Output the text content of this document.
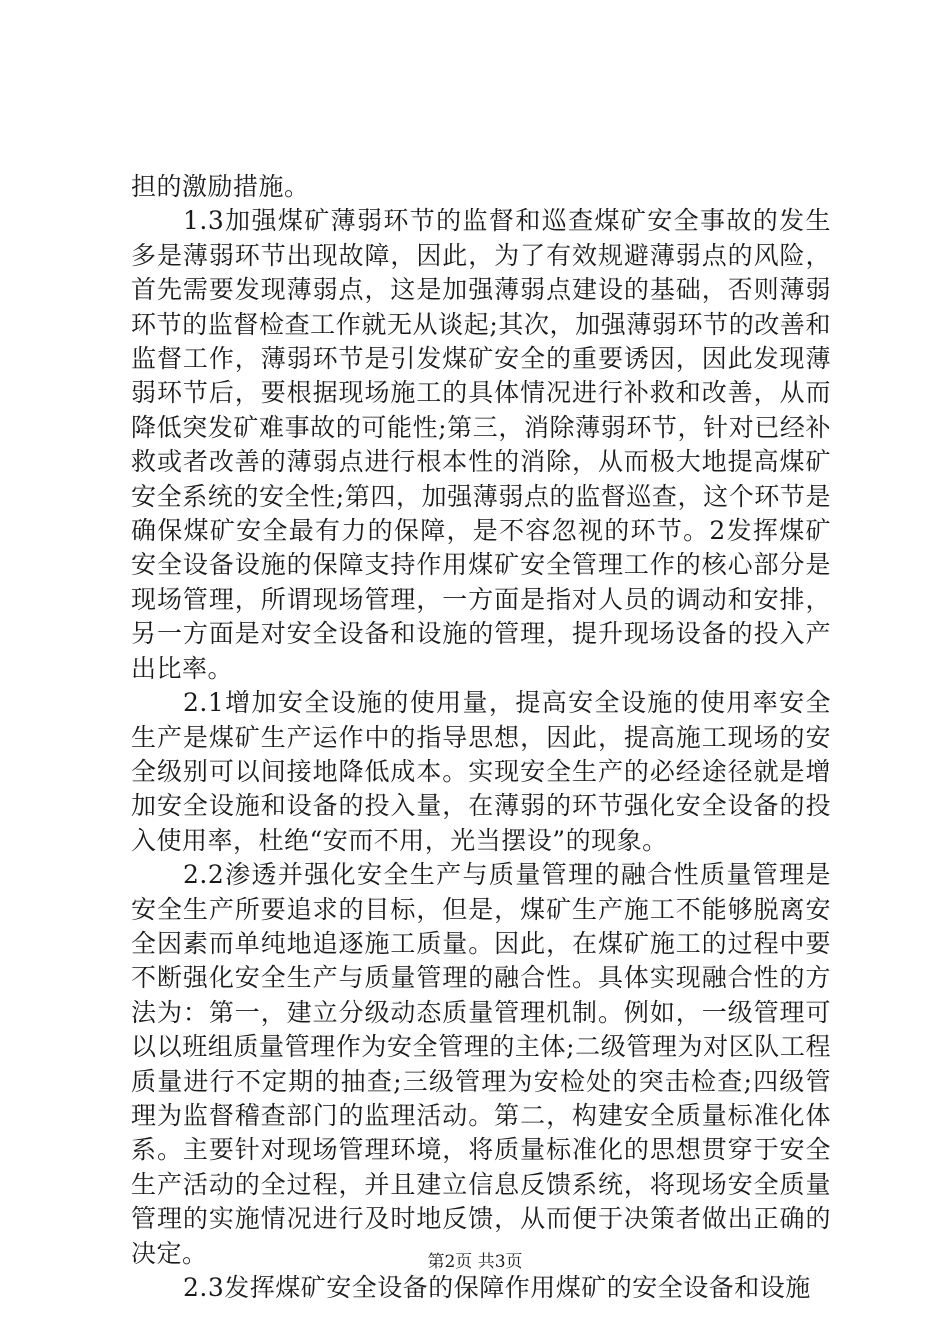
担的激励措施。

1.3加强煤矿薄弱环节的监督和巡查煤矿安全事故的发生多是薄弱环节出现故障，因此，为了有效规避薄弱点的风险，首先需要发现薄弱点，这是加强薄弱点建设的基础，否则薄弱环节的监督检查工作就无从谈起;其次，加强薄弱环节的改善和监督工作，薄弱环节是引发煤矿安全的重要诱因，因此发现薄弱环节后，要根据现场施工的具体情况进行补救和改善，从而降低突发矿难事故的可能性;第三，消除薄弱环节，针对已经补救或者改善的薄弱点进行根本性的消除，从而极大地提高煤矿安全系统的安全性;第四，加强薄弱点的监督巡查，这个环节是确保煤矿安全最有力的保障，是不容忽视的环节。2发挥煤矿安全设备设施的保障支持作用煤矿安全管理工作的核心部分是现场管理，所谓现场管理，一方面是指对人员的调动和安排，另一方面是对安全设备和设施的管理，提升现场设备的投入产出比率。

2.1增加安全设施的使用量，提高安全设施的使用率安全生产是煤矿生产运作中的指导思想，因此，提高施工现场的安全级别可以间接地降低成本。实现安全生产的必经途径就是增加安全设施和设备的投入量，在薄弱的环节强化安全设备的投入使用率，杜绝“安而不用，光当摆设”的现象。

2.2渗透并强化安全生产与质量管理的融合性质量管理是安全生产所要追求的目标，但是，煤矿生产施工不能够脱离安全因素而单纯地追逐施工质量。因此，在煤矿施工的过程中要不断强化安全生产与质量管理的融合性。具体实现融合性的方法为：第一，建立分级动态质量管理机制。例如，一级管理可以以班组质量管理作为安全管理的主体;二级管理为对区队工程质量进行不定期的抽查;三级管理为安检处的突击检查;四级管理为监督稽查部门的监理活动。第二，构建安全质量标准化体系。主要针对现场管理环境，将质量标准化的思想贯穿于安全生产活动的全过程，并且建立信息反馈系统，将现场安全质量管理的实施情况进行及时地反馈，从而便于决策者做出正确的决定。

2.3发挥煤矿安全设备的保障作用煤矿的安全设备和设施

第2页 共3页
